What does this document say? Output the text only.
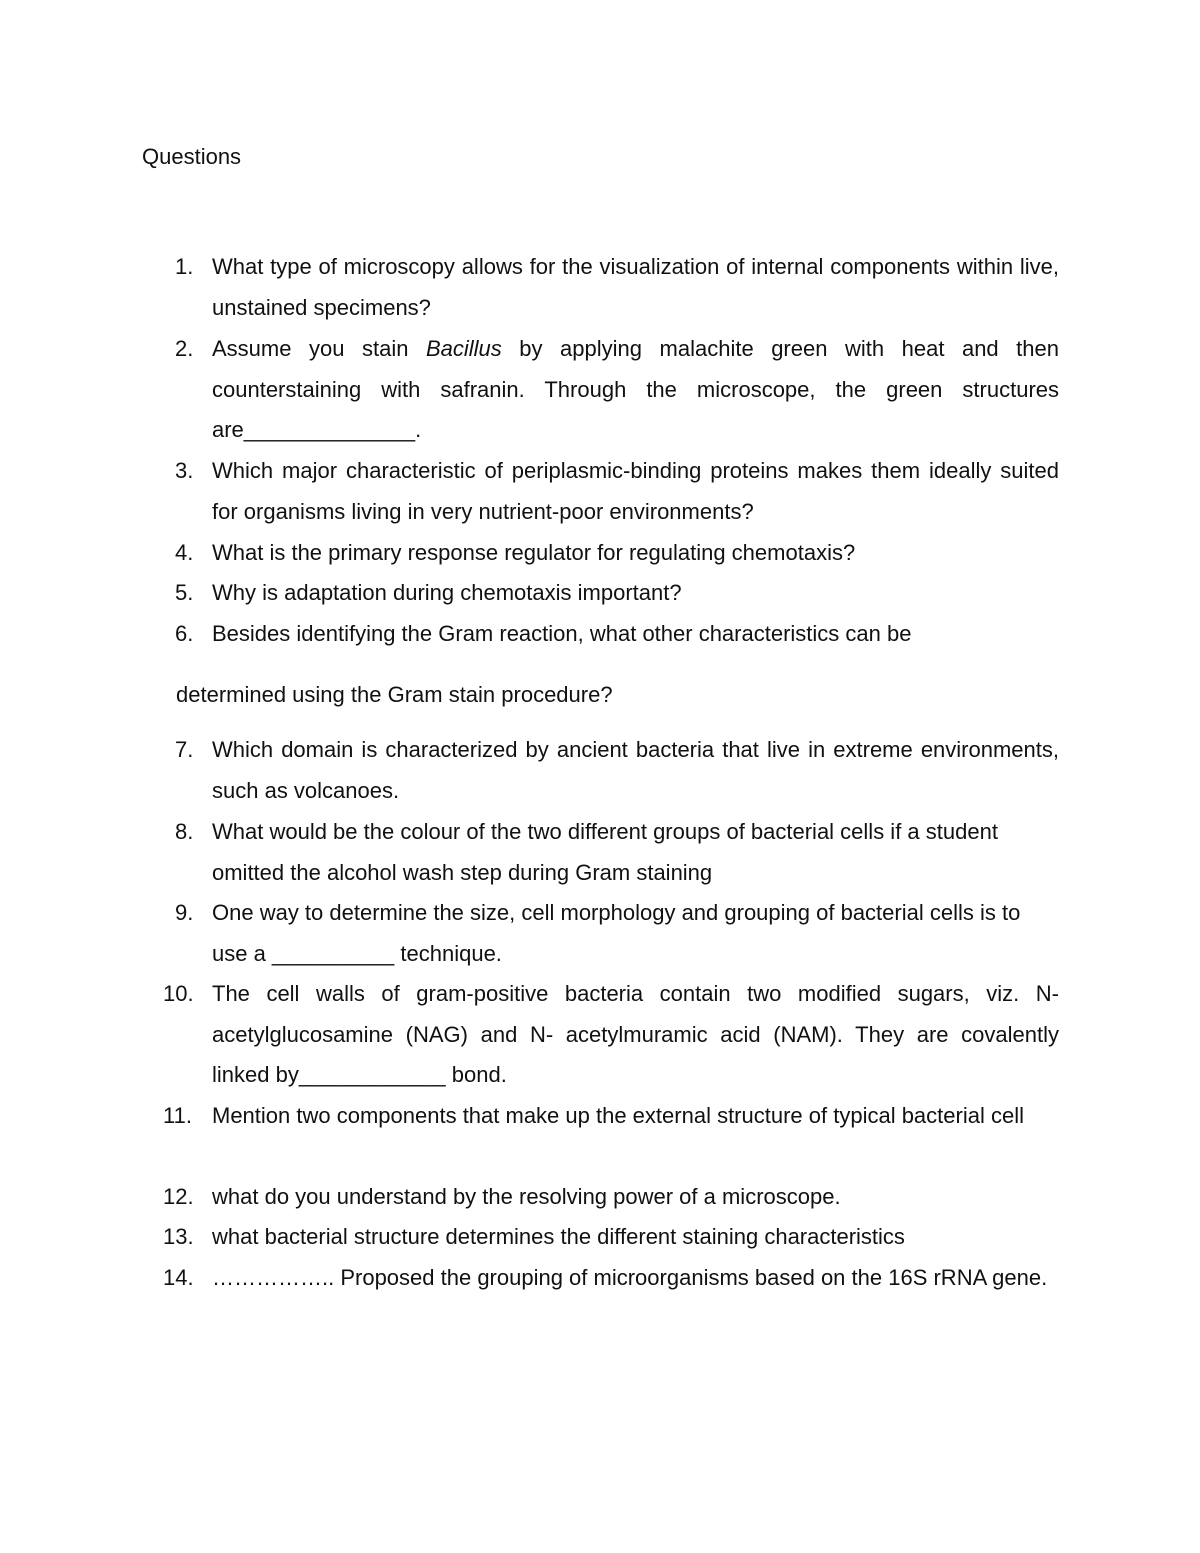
Questions
1. What type of microscopy allows for the visualization of internal components within live, unstained specimens?
2. Assume you stain Bacillus by applying malachite green with heat and then counterstaining with safranin. Through the microscope, the green structures are______________.
3. Which major characteristic of periplasmic-binding proteins makes them ideally suited for organisms living in very nutrient-poor environments?
4. What is the primary response regulator for regulating chemotaxis?
5. Why is adaptation during chemotaxis important?
6. Besides identifying the Gram reaction, what other characteristics can be
determined using the Gram stain procedure?
7. Which domain is characterized by ancient bacteria that live in extreme environments, such as volcanoes.
8. What would be the colour of the two different groups of bacterial cells if a student omitted the alcohol wash step during Gram staining
9. One way to determine the size, cell morphology and grouping of bacterial cells is to use a __________ technique.
10. The cell walls of gram-positive bacteria contain two modified sugars, viz. N-acetylglucosamine (NAG) and N- acetylmuramic acid (NAM). They are covalently linked by____________ bond.
11. Mention two components that make up the external structure of typical bacterial cell
12. what do you understand by the resolving power of a microscope.
13. what bacterial structure determines the different staining characteristics
14. …………….. Proposed the grouping of microorganisms based on the 16S rRNA gene.
